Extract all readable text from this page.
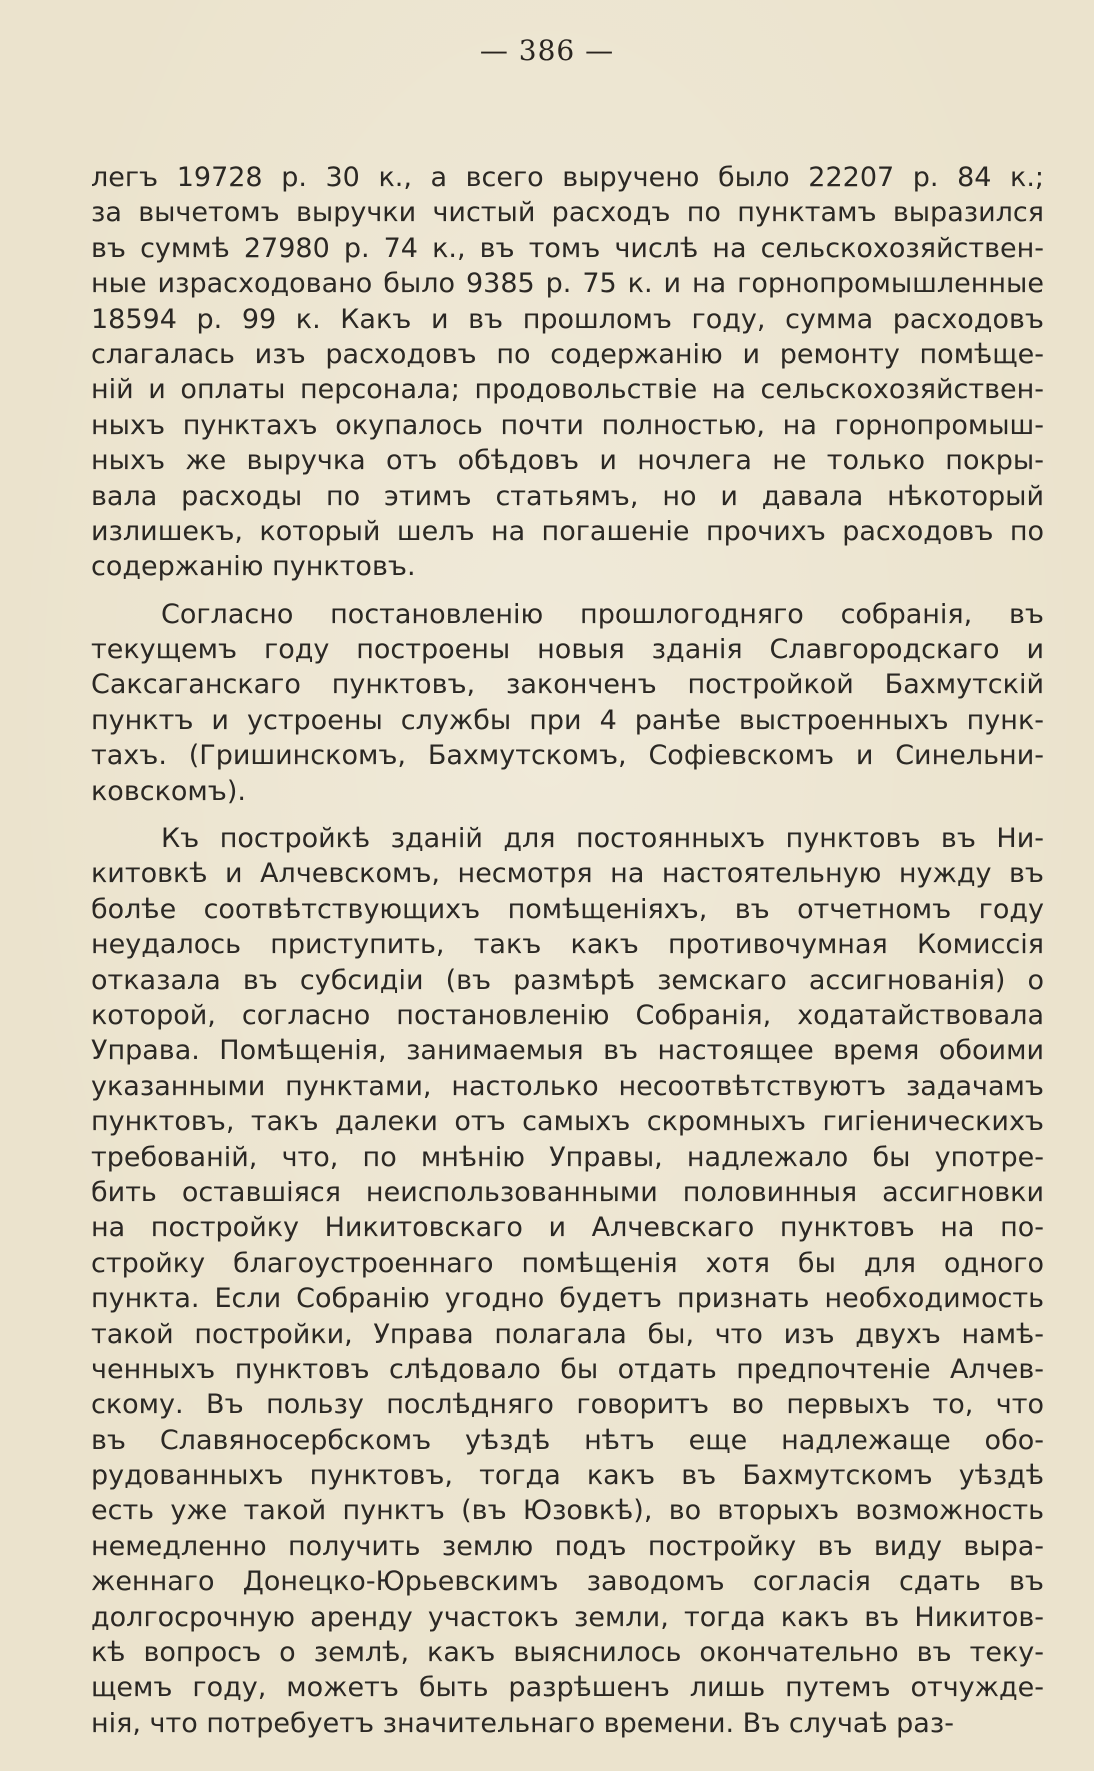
— 386 —
легъ 19728 р. 30 к., а всего выручено было 22207 р. 84 к.;
за вычетомъ выручки чистый расходъ по пунктамъ выразился
въ суммѣ 27980 р. 74 к., въ томъ числѣ на сельскохозяйствен-
ные израсходовано было 9385 р. 75 к. и на горнопромышленные
18594 р. 99 к. Какъ и въ прошломъ году, сумма расходовъ
слагалась изъ расходовъ по содержанію и ремонту помѣще-
ній и оплаты персонала; продовольствіе на сельскохозяйствен-
ныхъ пунктахъ окупалось почти полностью, на горнопромыш-
ныхъ же выручка отъ обѣдовъ и ночлега не только покры-
вала расходы по этимъ статьямъ, но и давала нѣкоторый
излишекъ, который шелъ на погашеніе прочихъ расходовъ по
содержанію пунктовъ.
Согласно постановленію прошлогодняго собранія, въ
текущемъ году построены новыя зданія Славгородскаго и
Саксаганскаго пунктовъ, законченъ постройкой Бахмутскій
пунктъ и устроены службы при 4 ранѣе выстроенныхъ пунк-
тахъ. (Гришинскомъ, Бахмутскомъ, Софіевскомъ и Синельни-
ковскомъ).
Къ постройкѣ зданій для постоянныхъ пунктовъ въ Ни-
китовкѣ и Алчевскомъ, несмотря на настоятельную нужду въ
болѣе соотвѣтствующихъ помѣщеніяхъ, въ отчетномъ году
неудалось приступить, такъ какъ противочумная Комиссія
отказала въ субсидіи (въ размѣрѣ земскаго ассигнованія) о
которой, согласно постановленію Собранія, ходатайствовала
Управа. Помѣщенія, занимаемыя въ настоящее время обоими
указанными пунктами, настолько несоотвѣтствуютъ задачамъ
пунктовъ, такъ далеки отъ самыхъ скромныхъ гигіеническихъ
требованій, что, по мнѣнію Управы, надлежало бы употре-
бить оставшіяся неиспользованными половинныя ассигновки
на постройку Никитовскаго и Алчевскаго пунктовъ на по-
стройку благоустроеннаго помѣщенія хотя бы для одного
пункта. Если Собранію угодно будетъ признать необходимость
такой постройки, Управа полагала бы, что изъ двухъ намѣ-
ченныхъ пунктовъ слѣдовало бы отдать предпочтеніе Алчев-
скому. Въ пользу послѣдняго говоритъ во первыхъ то, что
въ Славяносербскомъ уѣздѣ нѣтъ еще надлежаще обо-
рудованныхъ пунктовъ, тогда какъ въ Бахмутскомъ уѣздѣ
есть уже такой пунктъ (въ Юзовкѣ), во вторыхъ возможность
немедленно получить землю подъ постройку въ виду выра-
женнаго Донецко-Юрьевскимъ заводомъ согласія сдать въ
долгосрочную аренду участокъ земли, тогда какъ въ Никитов-
кѣ вопросъ о землѣ, какъ выяснилось окончательно въ теку-
щемъ году, можетъ быть разрѣшенъ лишь путемъ отчужде-
нія, что потребуетъ значительнаго времени. Въ случаѣ раз-
